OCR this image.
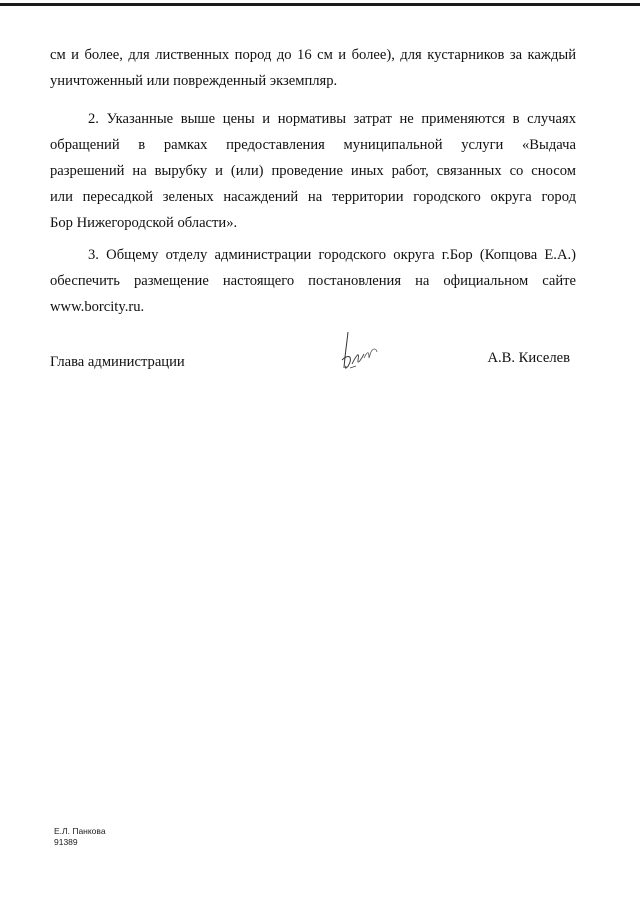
см и более, для лиственных пород до 16 см и более), для кустарников за каждый
уничтоженный или поврежденный экземпляр.
2. Указанные выше цены и нормативы затрат не применяются в случаях
обращений в рамках предоставления муниципальной услуги «Выдача
разрешений на вырубку и (или) проведение иных работ, связанных со сносом
или пересадкой зеленых насаждений на территории городского округа город
Бор Нижегородской области».
3. Общему отделу администрации городского округа г.Бор (Копцова Е.А.)
обеспечить размещение настоящего постановления на официальном сайте
www.borcity.ru.
Глава администрации	А.В. Киселев
Е.Л. Панкова
91389
